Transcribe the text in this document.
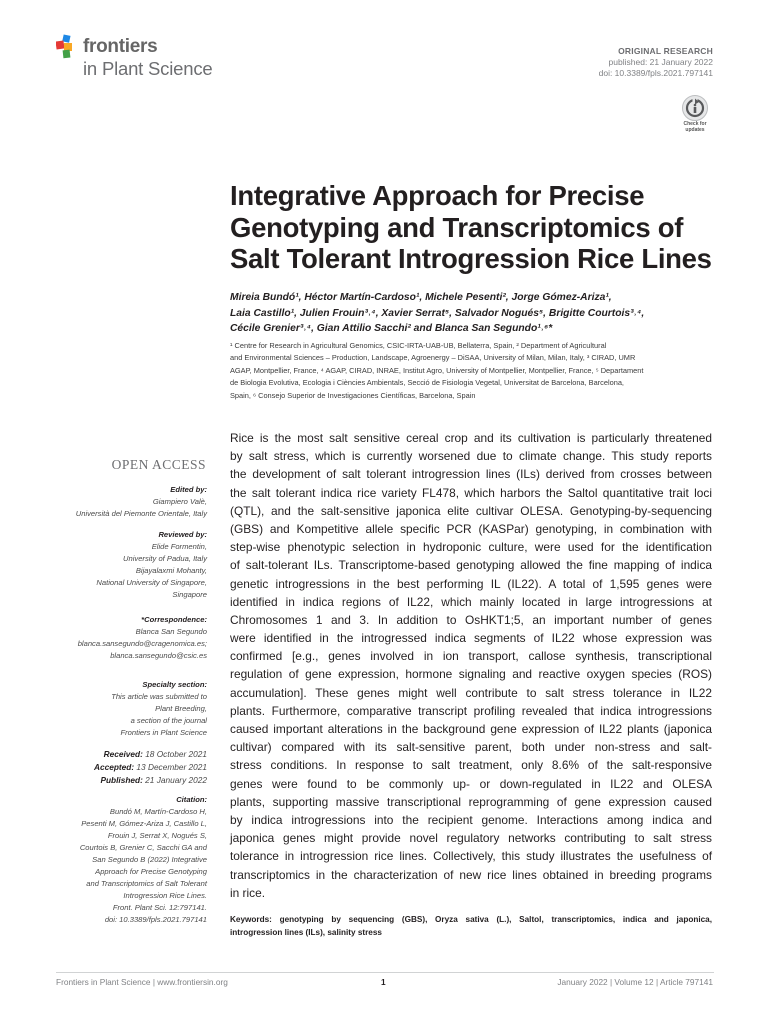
frontiers
in Plant Science
ORIGINAL RESEARCH
published: 21 January 2022
doi: 10.3389/fpls.2021.797141
Check for updates
Integrative Approach for Precise
Genotyping and Transcriptomics of
Salt Tolerant Introgression Rice Lines
Mireia Bundó¹, Héctor Martín-Cardoso¹, Michele Pesenti², Jorge Gómez-Ariza¹,
Laia Castillo¹, Julien Frouin³˒⁴, Xavier Serrat⁵, Salvador Nogués⁵, Brigitte Courtois³˒⁴,
Cécile Grenier³˒⁴, Gian Attilio Sacchi² and Blanca San Segundo¹˒⁶*
¹ Centre for Research in Agricultural Genomics, CSIC-IRTA-UAB-UB, Bellaterra, Spain, ² Department of Agricultural
and Environmental Sciences – Production, Landscape, Agroenergy – DiSAA, University of Milan, Milan, Italy, ³ CIRAD, UMR
AGAP, Montpellier, France, ⁴ AGAP, CIRAD, INRAE, Institut Agro, University of Montpellier, Montpellier, France, ⁵ Departament
de Biologia Evolutiva, Ecologia i Ciències Ambientals, Secció de Fisiologia Vegetal, Universitat de Barcelona, Barcelona,
Spain, ⁶ Consejo Superior de Investigaciones Científicas, Barcelona, Spain
OPEN ACCESS
Edited by:
Giampiero Valè,
Università del Piemonte Orientale, Italy
Reviewed by:
Elide Formentin,
University of Padua, Italy
Bijayalaxmi Mohanty,
National University of Singapore,
Singapore
*Correspondence:
Blanca San Segundo
blanca.sansegundo@cragenomica.es;
blanca.sansegundo@csic.es
Specialty section:
This article was submitted to
Plant Breeding,
a section of the journal
Frontiers in Plant Science
Received: 18 October 2021
Accepted: 13 December 2021
Published: 21 January 2022
Citation:
Bundó M, Martín-Cardoso H,
Pesenti M, Gómez-Ariza J, Castillo L,
Frouin J, Serrat X, Nogués S,
Courtois B, Grenier C, Sacchi GA and
San Segundo B (2022) Integrative
Approach for Precise Genotyping
and Transcriptomics of Salt Tolerant
Introgression Rice Lines.
Front. Plant Sci. 12:797141.
doi: 10.3389/fpls.2021.797141
Rice is the most salt sensitive cereal crop and its cultivation is particularly threatened
by salt stress, which is currently worsened due to climate change. This study reports
the development of salt tolerant introgression lines (ILs) derived from crosses between
the salt tolerant indica rice variety FL478, which harbors the Saltol quantitative trait loci
(QTL), and the salt-sensitive japonica elite cultivar OLESA. Genotyping-by-sequencing
(GBS) and Kompetitive allele specific PCR (KASPar) genotyping, in combination with
step-wise phenotypic selection in hydroponic culture, were used for the identification
of salt-tolerant ILs. Transcriptome-based genotyping allowed the fine mapping of indica
genetic introgressions in the best performing IL (IL22). A total of 1,595 genes were
identified in indica regions of IL22, which mainly located in large introgressions at
Chromosomes 1 and 3. In addition to OsHKT1;5, an important number of genes
were identified in the introgressed indica segments of IL22 whose expression was
confirmed [e.g., genes involved in ion transport, callose synthesis, transcriptional
regulation of gene expression, hormone signaling and reactive oxygen species (ROS)
accumulation]. These genes might well contribute to salt stress tolerance in IL22
plants. Furthermore, comparative transcript profiling revealed that indica introgressions
caused important alterations in the background gene expression of IL22 plants (japonica
cultivar) compared with its salt-sensitive parent, both under non-stress and salt-
stress conditions. In response to salt treatment, only 8.6% of the salt-responsive
genes were found to be commonly up- or down-regulated in IL22 and OLESA
plants, supporting massive transcriptional reprogramming of gene expression caused
by indica introgressions into the recipient genome. Interactions among indica and
japonica genes might provide novel regulatory networks contributing to salt stress
tolerance in introgression rice lines. Collectively, this study illustrates the usefulness of
transcriptomics in the characterization of new rice lines obtained in breeding programs
in rice.
Keywords: genotyping by sequencing (GBS), Oryza sativa (L.), Saltol, transcriptomics, indica and japonica,
introgression lines (ILs), salinity stress
Frontiers in Plant Science | www.frontiersin.org	1	January 2022 | Volume 12 | Article 797141
